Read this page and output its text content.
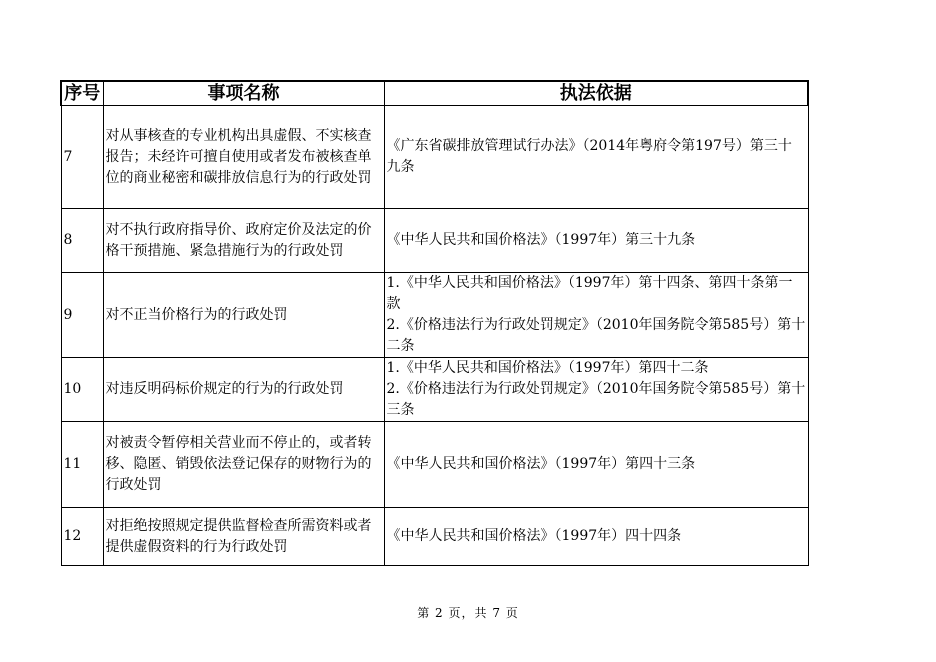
序号	事项名称	执法依据
7	对从事核查的专业机构出具虚假、不实核查报告；未经许可擅自使用或者发布被核查单位的商业秘密和碳排放信息行为的行政处罚	《广东省碳排放管理试行办法》（2014年粤府令第197号）第三十九条

8	对不执行政府指导价、政府定价及法定的价格干预措施、紧急措施行为的行政处罚	《中华人民共和国价格法》（1997年）第三十九条

9	对不正当价格行为的行政处罚	1.《中华人民共和国价格法》（1997年）第十四条、第四十条第一款
2.《价格违法行为行政处罚规定》（2010年国务院令第585号）第十二条

10	对违反明码标价规定的行为的行政处罚	1.《中华人民共和国价格法》（1997年）第四十二条
2.《价格违法行为行政处罚规定》（2010年国务院令第585号）第十三条

11	对被责令暂停相关营业而不停止的，或者转移、隐匿、销毁依法登记保存的财物行为的行政处罚	《中华人民共和国价格法》（1997年）第四十三条

12	对拒绝按照规定提供监督检查所需资料或者提供虚假资料的行为行政处罚	《中华人民共和国价格法》（1997年）四十四条
第 2 页，共 7 页
